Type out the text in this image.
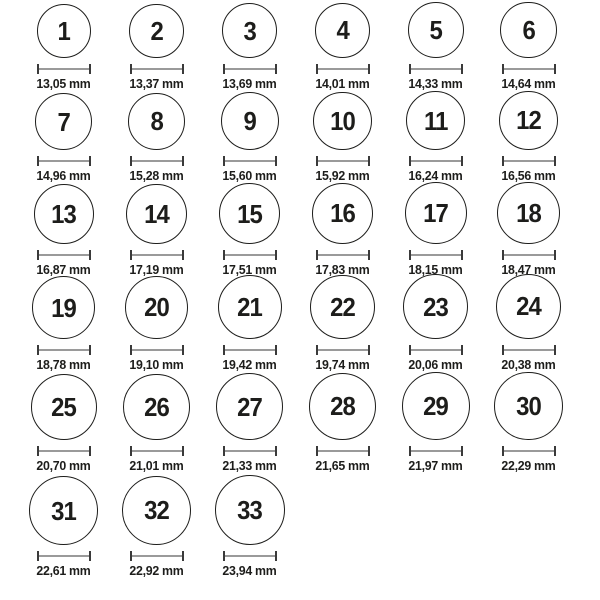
1
13,05 mm
2
13,37 mm
3
13,69 mm
4
14,01 mm
5
14,33 mm
6
14,64 mm
7
14,96 mm
8
15,28 mm
9
15,60 mm
10
15,92 mm
11
16,24 mm
12
16,56 mm
13
16,87 mm
14
17,19 mm
15
17,51 mm
16
17,83 mm
17
18,15 mm
18
18,47 mm
19
18,78 mm
20
19,10 mm
21
19,42 mm
22
19,74 mm
23
20,06 mm
24
20,38 mm
25
20,70 mm
26
21,01 mm
27
21,33 mm
28
21,65 mm
29
21,97 mm
30
22,29 mm
31
22,61 mm
32
22,92 mm
33
23,94 mm
